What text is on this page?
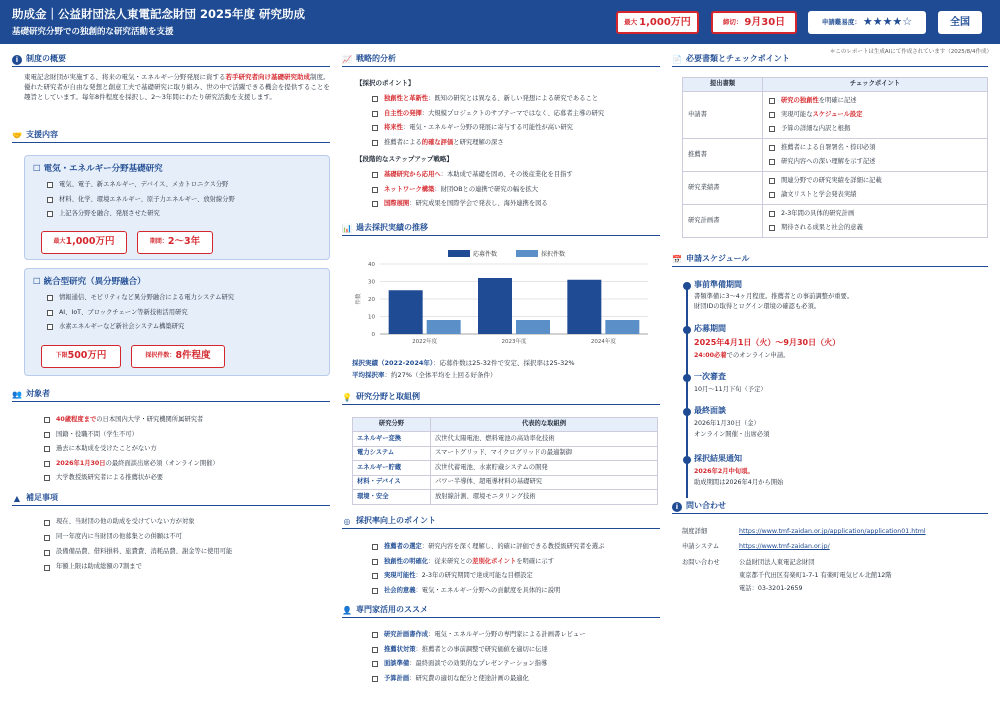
助成金｜公益財団法人東電記念財団 2025年度 研究助成
基礎研究分野での独創的な研究活動を支援
最大 1,000万円	締切： 9月30日	申請難易度： ★★★★☆	全国
＊このレポートは生成AIにて作成されています（2025/8/4作成）
i 制度の概要
東電記念財団が実施する、将来の電気・エネルギー分野発展に資する若手研究者向け基礎研究助成制度。優れた研究者が自由な発想と創意工夫で基礎研究に取り組み、世の中で活躍できる機会を提供することを趣旨としています。毎年8件程度を採択し、2〜3年間にわたり研究活動を支援します。
🤝 支援内容
☐ 電気・エネルギー分野基礎研究
電気、電子、新エネルギー、デバイス、メカトロニクス分野
材料、化学、環境エネルギー、原子力エネルギー、放射線分野
上記各分野を融合、発展させた研究
最大 1,000万円	期間： 2〜3年
☐ 統合型研究（異分野融合）
情報通信、モビリティなど異分野融合による電力システム研究
AI、IoT、ブロックチェーン等新技術活用研究
水素エネルギーなど新社会システム構築研究
下限 500万円	採択件数： 8件程度
👥 対象者
40歳程度まで の日本国内大学・研究機関所属研究者
国籍・役職不問（学生不可）
過去に本助成を受けたことがない方
2026年1月30日 の最終面談出席必須（オンライン開催）
大学教授級研究者による推薦状が必要
▲ 補足事項
現在、当財団の他の助成を受けていない方が対象
同一年度内に当財団の他募集との併願は不可
設備備品費、借料損料、旅費費、消耗品費、謝金等に使用可能
年額上限は助成総額の7割まで
📈 戦略的分析
【採択のポイント】
独創性と革新性 ：既知の研究とは異なる、新しい発想による研究であること
自主性の発揮 ：大規模プロジェクトのサブテーマではなく、応募者主導の研究
将来性 ：電気・エネルギー分野の発展に寄与する可能性が高い研究
推薦者による 的確な評価 と研究理解の深さ
【段階的なステップアップ戦略】
基礎研究から応用へ ：本助成で基礎を固め、その後産業化を目指す
ネットワーク構築 ：財団OBとの連携で研究の幅を拡大
国際展開 ：研究成果を国際学会で発表し、海外連携を図る
📊 過去採択実績の推移
0
10
20
30
40
件数
応募件数	採択件数
2022年度	2023年度	2024年度
採択実績（2022-2024年）：応募件数は25-32件で安定、採択率は25-32%
平均採択率：約27%（全体平均を上回る好条件）
💡 研究分野と取組例
研究分野	代表的な取組例
エネルギー変換	次世代太陽電池、燃料電池の高効率化技術
電力システム	スマートグリッド、マイクログリッドの最適制御
エネルギー貯蔵	次世代蓄電池、水素貯蔵システムの開発
材料・デバイス	パワー半導体、超電導材料の基礎研究
環境・安全	放射線計測、環境モニタリング技術
◎ 採択率向上のポイント
推薦者の選定 ：研究内容を深く理解し、的確に評価できる教授級研究者を選ぶ
独創性の明確化 ：従来研究との 差別化ポイント を明確に示す
実現可能性 ：2-3年の研究期間で達成可能な目標設定
社会的意義 ：電気・エネルギー分野への貢献度を具体的に説明
👤 専門家活用のススメ
研究計画書作成 ：電気・エネルギー分野の専門家による計画書レビュー
推薦状対策 ：推薦者との事前調整で研究価値を適切に伝達
面談準備 ：最終面談での効果的なプレゼンテーション指導
予算計画 ：研究費の適切な配分と使途計画の最適化
📄 必要書類とチェックポイント
提出書類	チェックポイント
申請書	研究の独創性 を明確に記述
実現可能な スケジュール設定
予算の詳細な内訳と根拠

推薦書	推薦者による自署署名・捺印必須
研究内容への深い理解を示す記述

研究業績書	関連分野での研究実績を詳細に記載
論文リストと学会発表実績

研究計画書	2-3年間の具体的研究計画
期待される成果と社会的意義
📅 申請スケジュール
事前準備期間
書類準備に3〜4ヶ月程度。推薦者との事前調整が重要。
財団IDの取得とログイン環境の確認も必須。
応募期間
2025年4月1日（火）〜9月30日（火）
24:00必着でのオンライン申請。
一次審査
10月〜11月下旬（予定）
最終面談
2026年1月30日（金）
オンライン開催・出席必須
採択結果通知
2026年2月中旬頃。
助成期間は2026年4月から開始
i 問い合わせ
制度詳細	https://www.tmf-zaidan.or.jp/application/application01.html
申請システム	https://www.tmf-zaidan.or.jp/
お問い合わせ	公益財団法人東電記念財団
東京都千代田区有楽町1-7-1 有楽町電気ビル北館12階
電話：03-3201-2659
